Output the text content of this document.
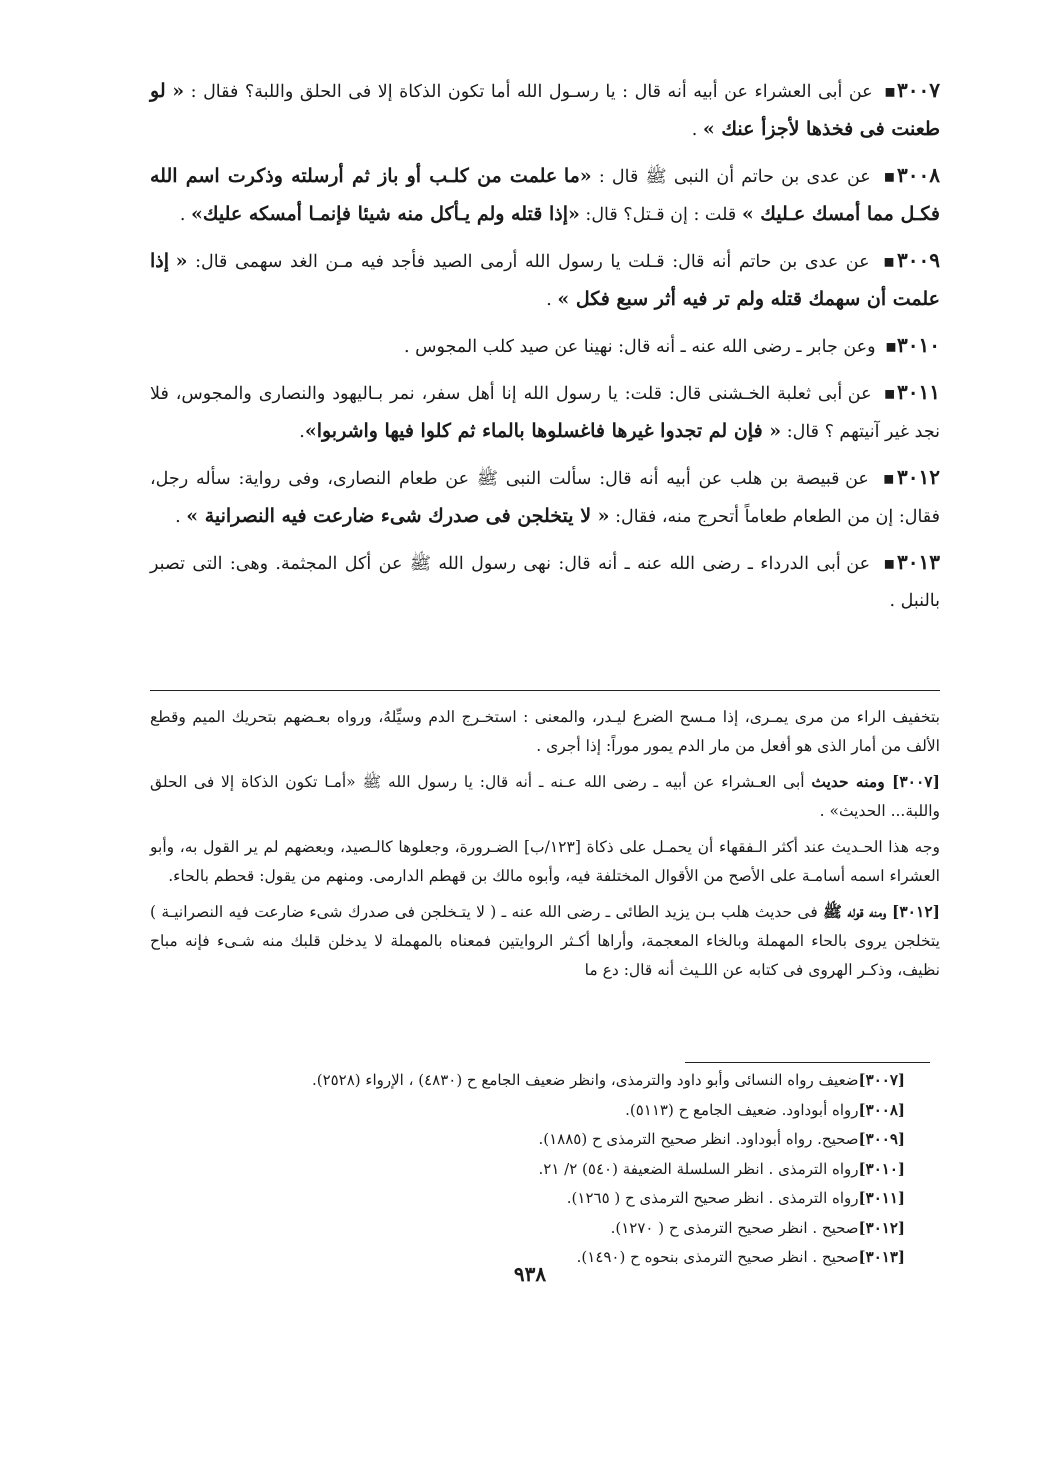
٣٠٠٧▪ عن أبى العشراء عن أبيه أنه قال : يا رسـول الله أما تكون الذكاة إلا فى الحلق واللبة؟ فقال : « لو طعنت فى فخذها لأجزأ عنك » .

٣٠٠٨▪ عن عدى بن حاتم أن النبى ﷺ قال : «ما علمت من كلـب أو باز ثم أرسلته وذكرت اسم الله فكـل مما أمسك عـليك » قلت : إن قـتل؟ قال: «إذا قتله ولم يـأكل منه شيئا فإنمـا أمسكه عليك» .

٣٠٠٩▪ عن عدى بن حاتم أنه قال: قـلت يا رسول الله أرمى الصيد فأجد فيه مـن الغد سهمى قال: « إذا علمت أن سهمك قتله ولم تر فيه أثر سبع فكل » .

٣٠١٠▪ وعن جابر ـ رضى الله عنه ـ أنه قال: نهينا عن صيد كلب المجوس .

٣٠١١▪ عن أبى ثعلبة الخـشنى قال: قلت: يا رسول الله إنا أهل سفر، نمر بـاليهود والنصارى والمجوس، فلا نجد غير آنيتهم ؟ قال: « فإن لم تجدوا غيرها فاغسلوها بالماء ثم كلوا فيها واشربوا».

٣٠١٢▪ عن قبيصة بن هلب عن أبيه أنه قال: سألت النبى ﷺ عن طعام النصارى، وفى رواية: سأله رجل، فقال: إن من الطعام طعاماً أتحرج منه، فقال: « لا يتخلجن فى صدرك شىء ضارعت فيه النصرانية » .

٣٠١٣▪ عن أبى الدرداء ـ رضى الله عنه ـ أنه قال: نهى رسول الله ﷺ عن أكل المجثمة. وهى: التى تصبر بالنبل .

بتخفيف الراء من مرى يمـرى، إذا مـسح الضرع ليـدر، والمعنى : استخـرج الدم وسيِّلهُ، ورواه بعـضهم بتحريك الميم وقطع الألف من أمار الذى هو أفعل من مار الدم يمور موراً: إذا أجرى .

[٣٠٠٧] ومنه حديث أبى العـشراء عن أبيه ـ رضى الله عـنه ـ أنه قال: يا رسول الله ﷺ «أمـا تكون الذكاة إلا فى الحلق واللبة... الحديث» .

وجه هذا الحـديث عند أكثر الـفقهاء أن يحمـل على ذكاة [١٢٣/ب] الضـرورة، وجعلوها كالـصيد، وبعضهم لم ير القول به، وأبو العشراء اسمه أسامـة على الأصح من الأقوال المختلفة فيه، وأبوه مالك بن قهطم الدارمى. ومنهم من يقول: قحطم بالحاء.

[٣٠١٢] ومنه قوله ﷺ فى حديث هلب بـن يزيد الطائى ـ رضى الله عنه ـ ( لا يتـخلجن فى صدرك شىء ضارعت فيه النصرانيـة ) يتخلجن يروى بالحاء المهملة وبالخاء المعجمة، وأراها أكـثر الروايتين فمعناه بالمهملة لا يدخلن قلبك منه شـىء فإنه مباح نظيف، وذكـر الهروى فى كتابه عن اللـيث أنه قال: دع ما

[٣٠٠٧]ضعيف رواه النسائى وأبو داود والترمذى، وانظر ضعيف الجامع ح (٤٨٣٠) ، الإرواء (٢٥٢٨).
[٣٠٠٨]رواه أبوداود. ضعيف الجامع ح (٥١١٣).
[٣٠٠٩]صحيح. رواه أبوداود. انظر صحيح الترمذى ح (١٨٨٥).
[٣٠١٠]رواه الترمذى . انظر السلسلة الضعيفة (٥٤٠) ٢/ ٢١.
[٣٠١١]رواه الترمذى . انظر صحيح الترمذى ح ( ١٢٦٥).
[٣٠١٢]صحيح . انظر صحيح الترمذى ح ( ١٢٧٠).
[٣٠١٣]صحيح . انظر صحيح الترمذى بنحوه ح (١٤٩٠).
٩٣٨
